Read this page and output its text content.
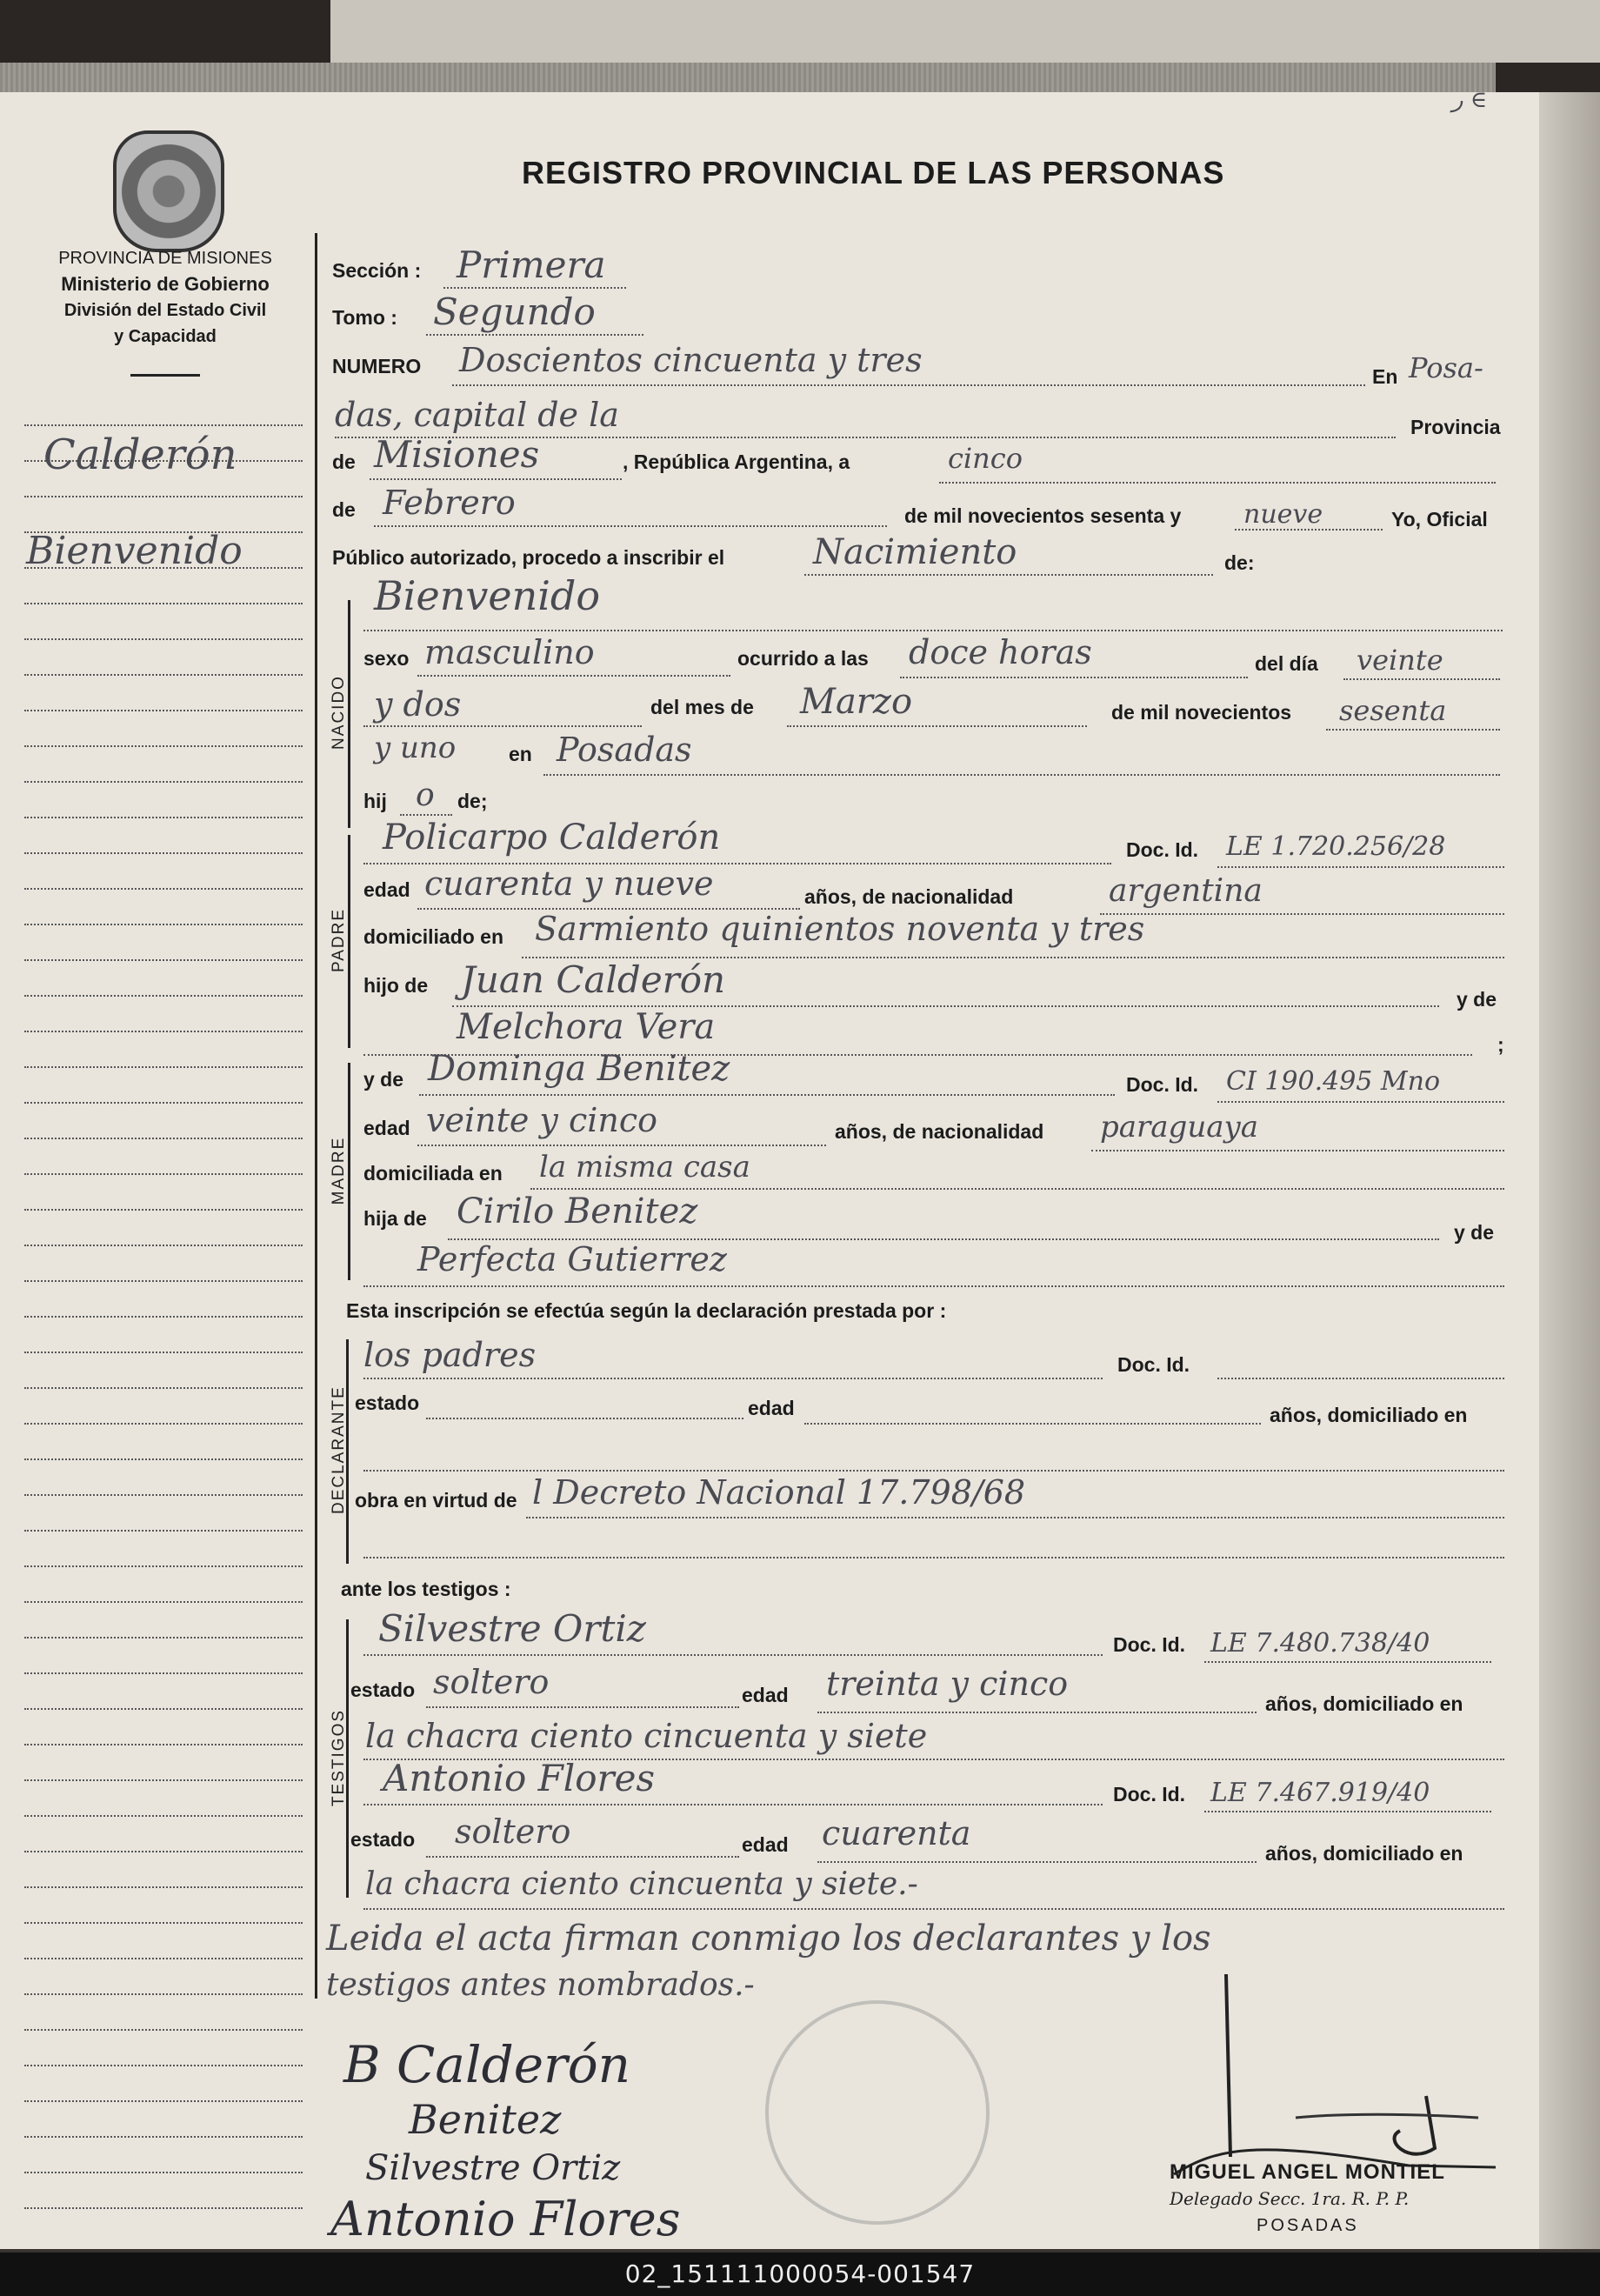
ر ∈
PROVINCIA DE MISIONES
Ministerio de Gobierno
División del Estado Civil
y Capacidad
REGISTRO PROVINCIAL DE LAS PERSONAS
Calderón
Bienvenido
Sección : Primera
Tomo : Segundo
NUMERO Doscientos cincuenta y tres	En Posa-
das, capital de la	Provincia
de Misiones	, República Argentina, a	cinco
de Febrero	de mil novecientos sesenta y nueve	Yo, Oficial
Público autorizado, procedo a inscribir el	Nacimiento	de:
NACIDO
Bienvenido
sexo masculino	ocurrido a las doce horas	del día veinte
y dos	del mes de Marzo	de mil novecientos sesenta
y uno	en Posadas
hij o de;
PADRE
Policarpo Calderón	Doc. Id. LE 1.720.256/28
edad cuarenta y nueve	años, de nacionalidad	argentina
domiciliado en Sarmiento quinientos noventa y tres
hijo de Juan Calderón	y de
Melchora Vera	;
MADRE
y de Dominga Benitez	Doc. Id. CI 190.495 Mno
edad veinte y cinco	años, de nacionalidad paraguaya
domiciliada en la misma casa
hija de Cirilo Benitez
y de
Perfecta Gutierrez
Esta inscripción se efectúa según la declaración prestada por :
DECLARANTE
los padres	Doc. Id.
estado	edad	años, domiciliado en
obra en virtud de l Decreto Nacional 17.798/68
ante los testigos :
TESTIGOS
Silvestre Ortiz	Doc. Id. LE 7.480.738/40
estado soltero	edad treinta y cinco
años, domiciliado en
la chacra ciento cincuenta y siete
Antonio Flores	Doc. Id. LE 7.467.919/40
estado soltero	edad cuarenta
años, domiciliado en
la chacra ciento cincuenta y siete.-
Leida el acta firman conmigo los declarantes y los
testigos antes nombrados.-
B Calderón
Benitez
Silvestre Ortiz
Antonio Flores
MIGUEL ANGEL MONTIEL
Delegado Secc. 1ra. R. P. P.
POSADAS
02_151111000054-001547
